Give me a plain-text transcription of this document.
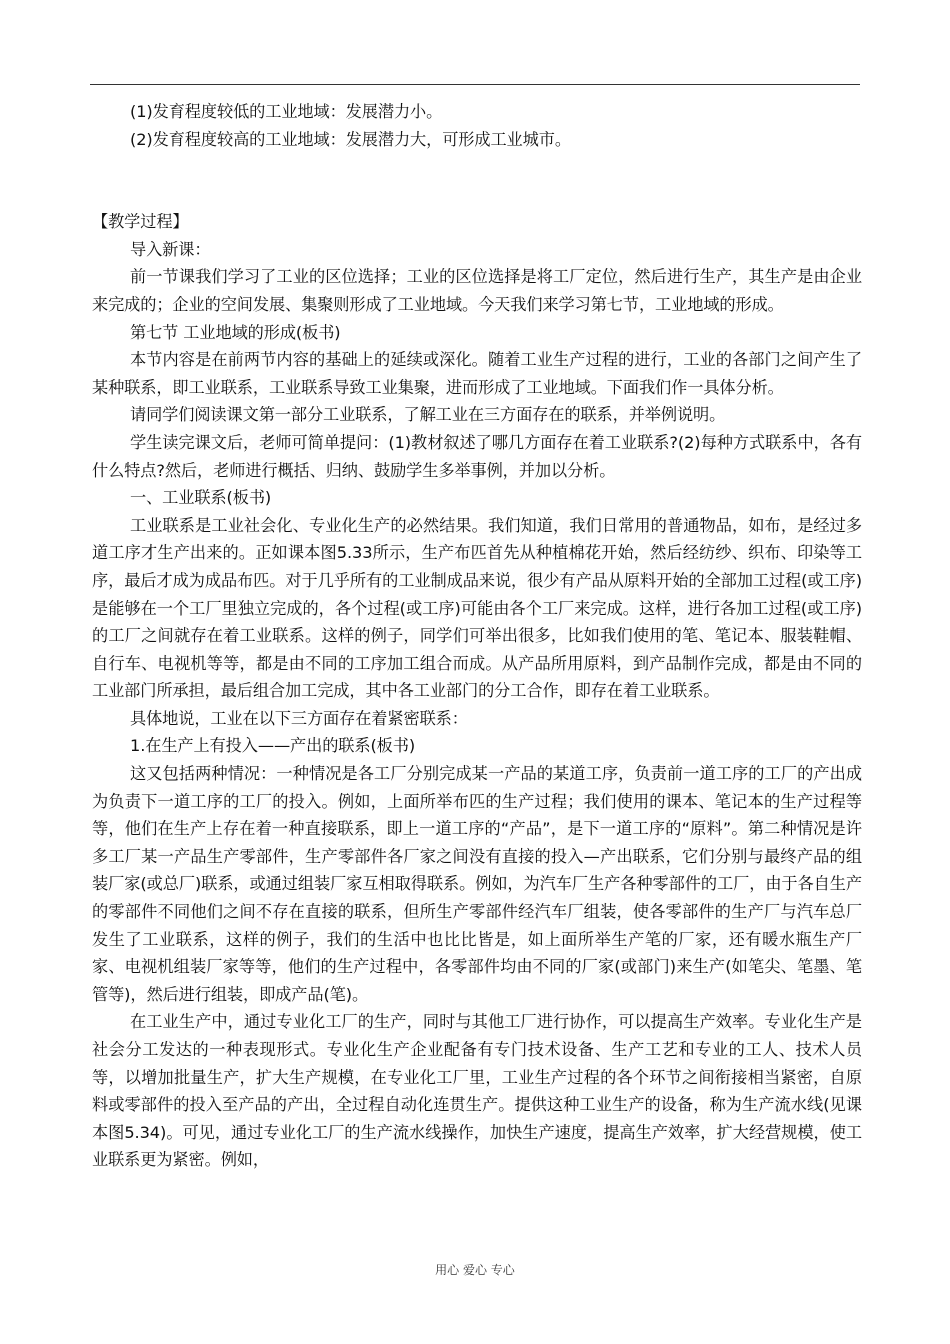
(1)发育程度较低的工业地域：发展潜力小。

(2)发育程度较高的工业地域：发展潜力大，可形成工业城市。

【教学过程】

导入新课：

前一节课我们学习了工业的区位选择；工业的区位选择是将工厂定位，然后进行生产，其生产是由企业来完成的；企业的空间发展、集聚则形成了工业地域。今天我们来学习第七节，工业地域的形成。

第七节 工业地域的形成(板书)

本节内容是在前两节内容的基础上的延续或深化。随着工业生产过程的进行，工业的各部门之间产生了某种联系，即工业联系，工业联系导致工业集聚，进而形成了工业地域。下面我们作一具体分析。

请同学们阅读课文第一部分工业联系，了解工业在三方面存在的联系，并举例说明。

学生读完课文后，老师可简单提问：(1)教材叙述了哪几方面存在着工业联系?(2)每种方式联系中，各有什么特点?然后，老师进行概括、归纳、鼓励学生多举事例，并加以分析。

一、工业联系(板书)

工业联系是工业社会化、专业化生产的必然结果。我们知道，我们日常用的普通物品，如布，是经过多道工序才生产出来的。正如课本图5.33所示，生产布匹首先从种植棉花开始，然后经纺纱、织布、印染等工序，最后才成为成品布匹。对于几乎所有的工业制成品来说，很少有产品从原料开始的全部加工过程(或工序)是能够在一个工厂里独立完成的，各个过程(或工序)可能由各个工厂来完成。这样，进行各加工过程(或工序)的工厂之间就存在着工业联系。这样的例子，同学们可举出很多，比如我们使用的笔、笔记本、服装鞋帽、自行车、电视机等等，都是由不同的工序加工组合而成。从产品所用原料，到产品制作完成，都是由不同的工业部门所承担，最后组合加工完成，其中各工业部门的分工合作，即存在着工业联系。

具体地说，工业在以下三方面存在着紧密联系：

1.在生产上有投入——产出的联系(板书)

这又包括两种情况：一种情况是各工厂分别完成某一产品的某道工序，负责前一道工序的工厂的产出成为负责下一道工序的工厂的投入。例如，上面所举布匹的生产过程；我们使用的课本、笔记本的生产过程等等，他们在生产上存在着一种直接联系，即上一道工序的“产品”，是下一道工序的“原料”。第二种情况是许多工厂某一产品生产零部件，生产零部件各厂家之间没有直接的投入—产出联系，它们分别与最终产品的组装厂家(或总厂)联系，或通过组装厂家互相取得联系。例如，为汽车厂生产各种零部件的工厂，由于各自生产的零部件不同他们之间不存在直接的联系，但所生产零部件经汽车厂组装，使各零部件的生产厂与汽车总厂发生了工业联系，这样的例子，我们的生活中也比比皆是，如上面所举生产笔的厂家，还有暖水瓶生产厂家、电视机组装厂家等等，他们的生产过程中，各零部件均由不同的厂家(或部门)来生产(如笔尖、笔墨、笔管等)，然后进行组装，即成产品(笔)。

在工业生产中，通过专业化工厂的生产，同时与其他工厂进行协作，可以提高生产效率。专业化生产是社会分工发达的一种表现形式。专业化生产企业配备有专门技术设备、生产工艺和专业的工人、技术人员等，以增加批量生产，扩大生产规模，在专业化工厂里，工业生产过程的各个环节之间衔接相当紧密，自原料或零部件的投入至产品的产出，全过程自动化连贯生产。提供这种工业生产的设备，称为生产流水线(见课本图5.34)。可见，通过专业化工厂的生产流水线操作，加快生产速度，提高生产效率，扩大经营规模，使工业联系更为紧密。例如，

用心 爱心 专心
